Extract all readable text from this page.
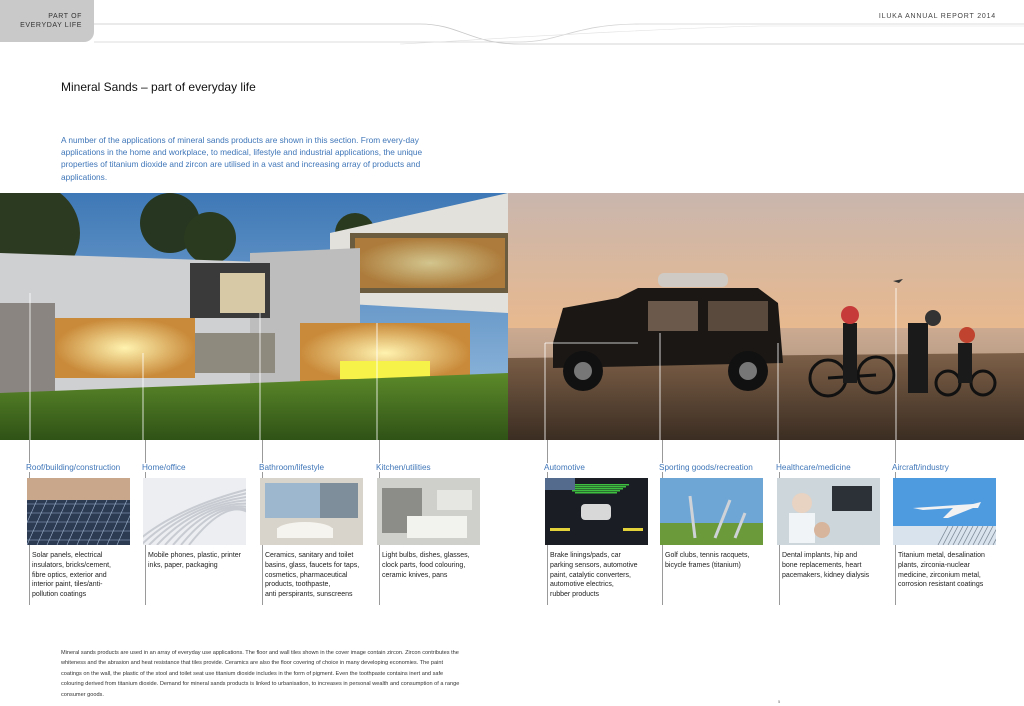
PART OF
EVERYDAY LIFE
ILUKA ANNUAL REPORT 2014
Mineral Sands – part of everyday life
A number of the applications of mineral sands products are shown in this section. From every-day applications in the home and workplace, to medical, lifestyle and industrial applications, the unique properties of titanium dioxide and zircon are utilised in a vast and increasing array of products and applications.
Roof/building/construction
Solar panels, electrical
insulators, bricks/cement,
fibre optics, exterior and
interior paint, tiles/anti-
pollution coatings
Home/office
Mobile phones, plastic, printer
inks, paper, packaging
Bathroom/lifestyle
Ceramics, sanitary and toilet
basins, glass, faucets for taps,
cosmetics, pharmaceutical
products, toothpaste,
anti perspirants, sunscreens
Kitchen/utilities
Light bulbs, dishes, glasses,
clock parts, food colouring,
ceramic knives, pans
Automotive
Brake linings/pads, car
parking sensors, automotive
paint, catalytic converters,
automotive electrics,
rubber products
Sporting goods/recreation
Golf clubs, tennis racquets,
bicycle frames (titanium)
Healthcare/medicine
Dental implants, hip and
bone replacements, heart
pacemakers, kidney dialysis
Aircraft/industry
Titanium metal, desalination
plants, zirconia-nuclear
medicine, zirconium metal,
corrosion resistant coatings
Mineral sands products are used in an array of everyday use applications. The floor and wall tiles shown in the cover image contain zircon. Zircon contributes the whiteness and the abrasion and heat resistance that tiles provide. Ceramics are also the floor covering of choice in many developing economies. The paint coatings on the wall, the plastic of the stool and toilet seat use titanium dioxide includes in the form of pigment. Even the toothpaste contains inert and safe colouring derived from titanium dioxide. Demand for mineral sands products is linked to urbanisation, to increases in personal wealth and consumption of a range consumer goods.
5
